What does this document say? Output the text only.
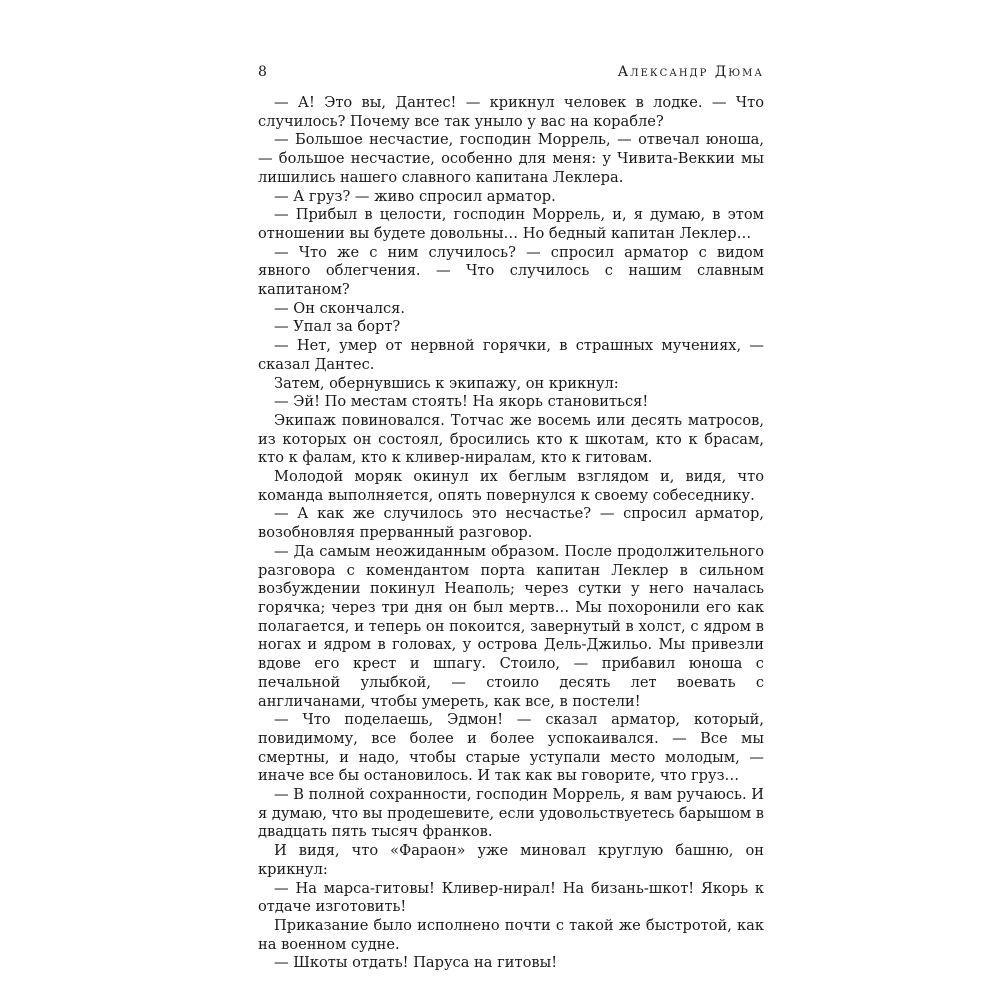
8	Александр Дюма

— А! Это вы, Дантес! — крикнул человек в лодке. — Что случилось? Почему все так уныло у вас на корабле?

— Большое несчастие, господин Моррель, — отвечал юноша, — большое несчастие, особенно для меня: у Чивита-Веккии мы лишились нашего славного капитана Леклера.

— А груз? — живо спросил арматор.

— Прибыл в целости, господин Моррель, и, я думаю, в этом отношении вы будете довольны… Но бедный капитан Леклер…

— Что же с ним случилось? — спросил арматор с видом явного облегчения. — Что случилось с нашим славным капитаном?

— Он скончался.

— Упал за борт?

— Нет, умер от нервной горячки, в страшных мучениях, — сказал Дантес.

Затем, обернувшись к экипажу, он крикнул:

— Эй! По местам стоять! На якорь становиться!

Экипаж повиновался. Тотчас же восемь или десять матросов, из которых он состоял, бросились кто к шкотам, кто к брасам, кто к фалам, кто к кливер-ниралам, кто к гитовам.

Молодой моряк окинул их беглым взглядом и, видя, что команда выполняется, опять повернулся к своему собеседнику.

— А как же случилось это несчастье? — спросил арматор, возобновляя прерванный разговор.

— Да самым неожиданным образом. После продолжительного разговора с комендантом порта капитан Леклер в сильном возбуждении покинул Неаполь; через сутки у него началась горячка; через три дня он был мертв… Мы похоронили его как полагается, и теперь он покоится, завернутый в холст, с ядром в ногах и ядром в головах, у острова Дель-Джильо. Мы привезли вдове его крест и шпагу. Стоило, — прибавил юноша с печальной улыбкой, — стоило десять лет воевать с англичанами, чтобы умереть, как все, в постели!

— Что поделаешь, Эдмон! — сказал арматор, который, повидимому, все более и более успокаивался. — Все мы смертны, и надо, чтобы старые уступали место молодым, — иначе все бы остановилось. И так как вы говорите, что груз…

— В полной сохранности, господин Моррель, я вам ручаюсь. И я думаю, что вы продешевите, если удовольствуетесь барышом в двадцать пять тысяч франков.

И видя, что «Фараон» уже миновал круглую башню, он крикнул:

— На марса-гитовы! Кливер-нирал! На бизань-шкот! Якорь к отдаче изготовить!

Приказание было исполнено почти с такой же быстротой, как на военном судне.

— Шкоты отдать! Паруса на гитовы!
